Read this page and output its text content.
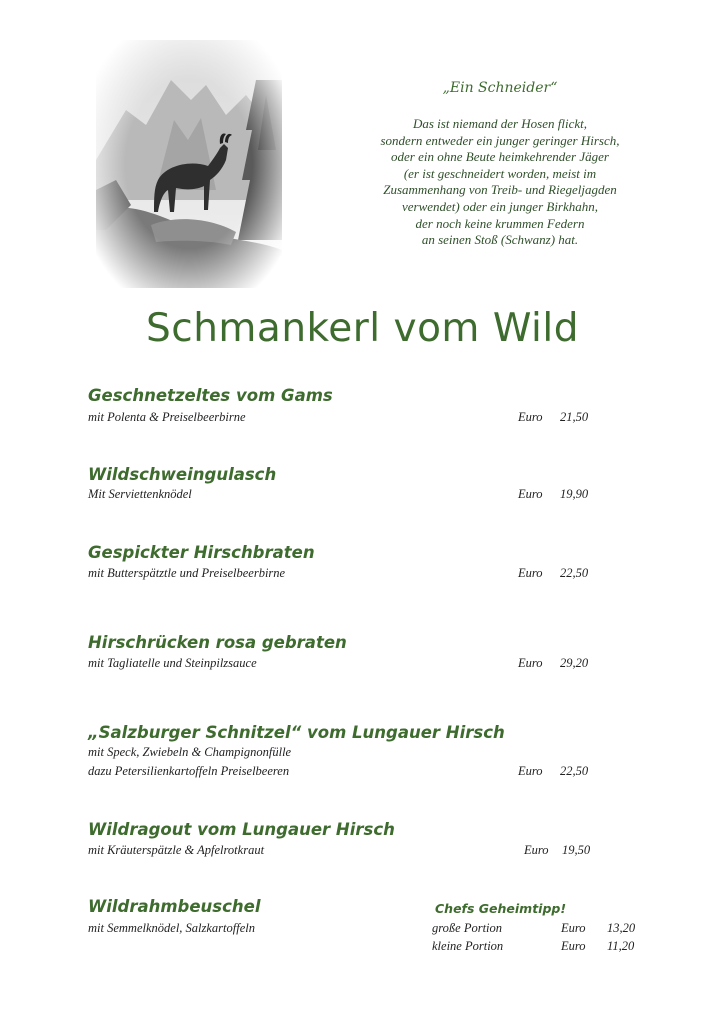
„Ein Schneider“
Das ist niemand der Hosen flickt,
sondern entweder ein junger geringer Hirsch,
oder ein ohne Beute heimkehrender Jäger
(er ist geschneidert worden, meist im
Zusammenhang von Treib- und Riegeljagden
verwendet) oder ein junger Birkhahn,
der noch keine krummen Federn
an seinen Stoß (Schwanz) hat.
Schmankerl vom Wild
Geschnetzeltes vom Gams
mit Polenta & Preiselbeerbirne	Euro 21,50
Wildschweingulasch
Mit Serviettenknödel	Euro 19,90
Gespickter Hirschbraten
mit Butterspätztle und Preiselbeerbirne	Euro 22,50
Hirschrücken rosa gebraten
mit Tagliatelle und Steinpilzsauce	Euro 29,20
„Salzburger Schnitzel“ vom Lungauer Hirsch
mit Speck, Zwiebeln & Champignonfülle
dazu Petersilienkartoffeln Preiselbeeren	Euro 22,50
Wildragout vom Lungauer Hirsch
mit Kräuterspätzle & Apfelrotkraut	Euro 19,50
Wildrahmbeuschel
mit Semmelknödel, Salzkartoffeln
Chefs Geheimtipp!
große Portion	Euro 13,20
kleine Portion	Euro 11,20
